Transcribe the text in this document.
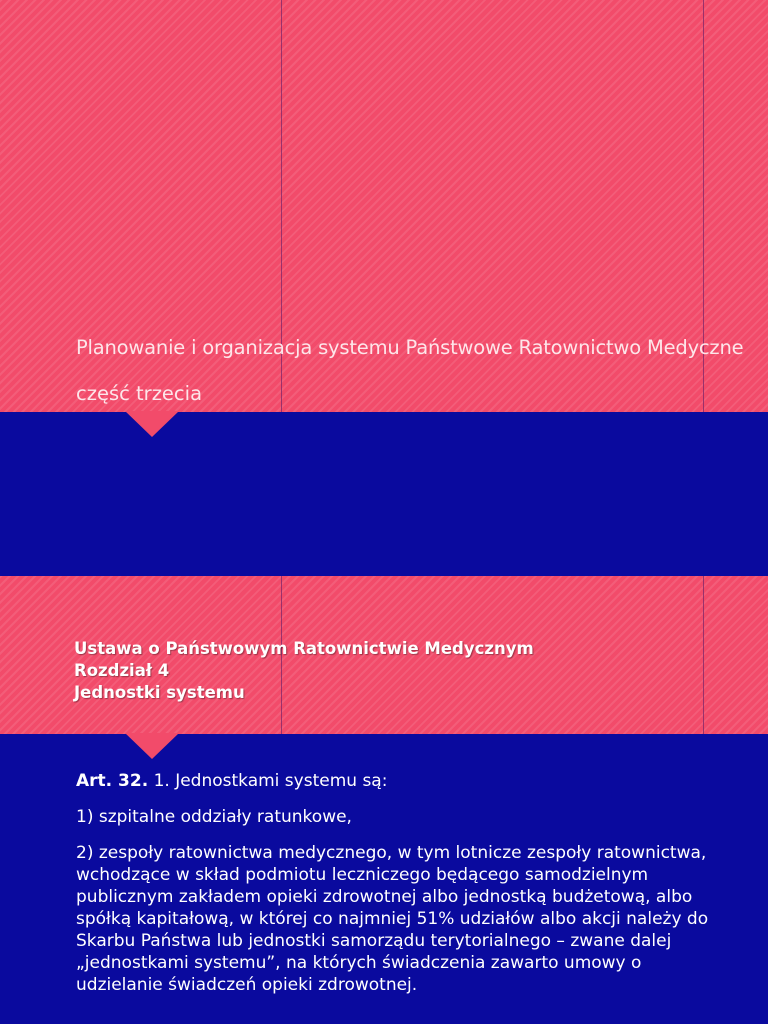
Planowanie i organizacja systemu Państwowe Ratownictwo Medyczne
część trzecia
Ustawa o Państwowym Ratownictwie Medycznym
Rozdział 4
Jednostki systemu

Art. 32. 1. Jednostkami systemu są:

1) szpitalne oddziały ratunkowe,

2) zespoły ratownictwa medycznego, w tym lotnicze zespoły ratownictwa, wchodzące w skład podmiotu leczniczego będącego samodzielnym publicznym zakładem opieki zdrowotnej albo jednostką budżetową, albo spółką kapitałową, w której co najmniej 51% udziałów albo akcji należy do Skarbu Państwa lub jednostki samorządu terytorialnego – zwane dalej „jednostkami systemu”, na których świadczenia zawarto umowy o udzielanie świadczeń opieki zdrowotnej.
